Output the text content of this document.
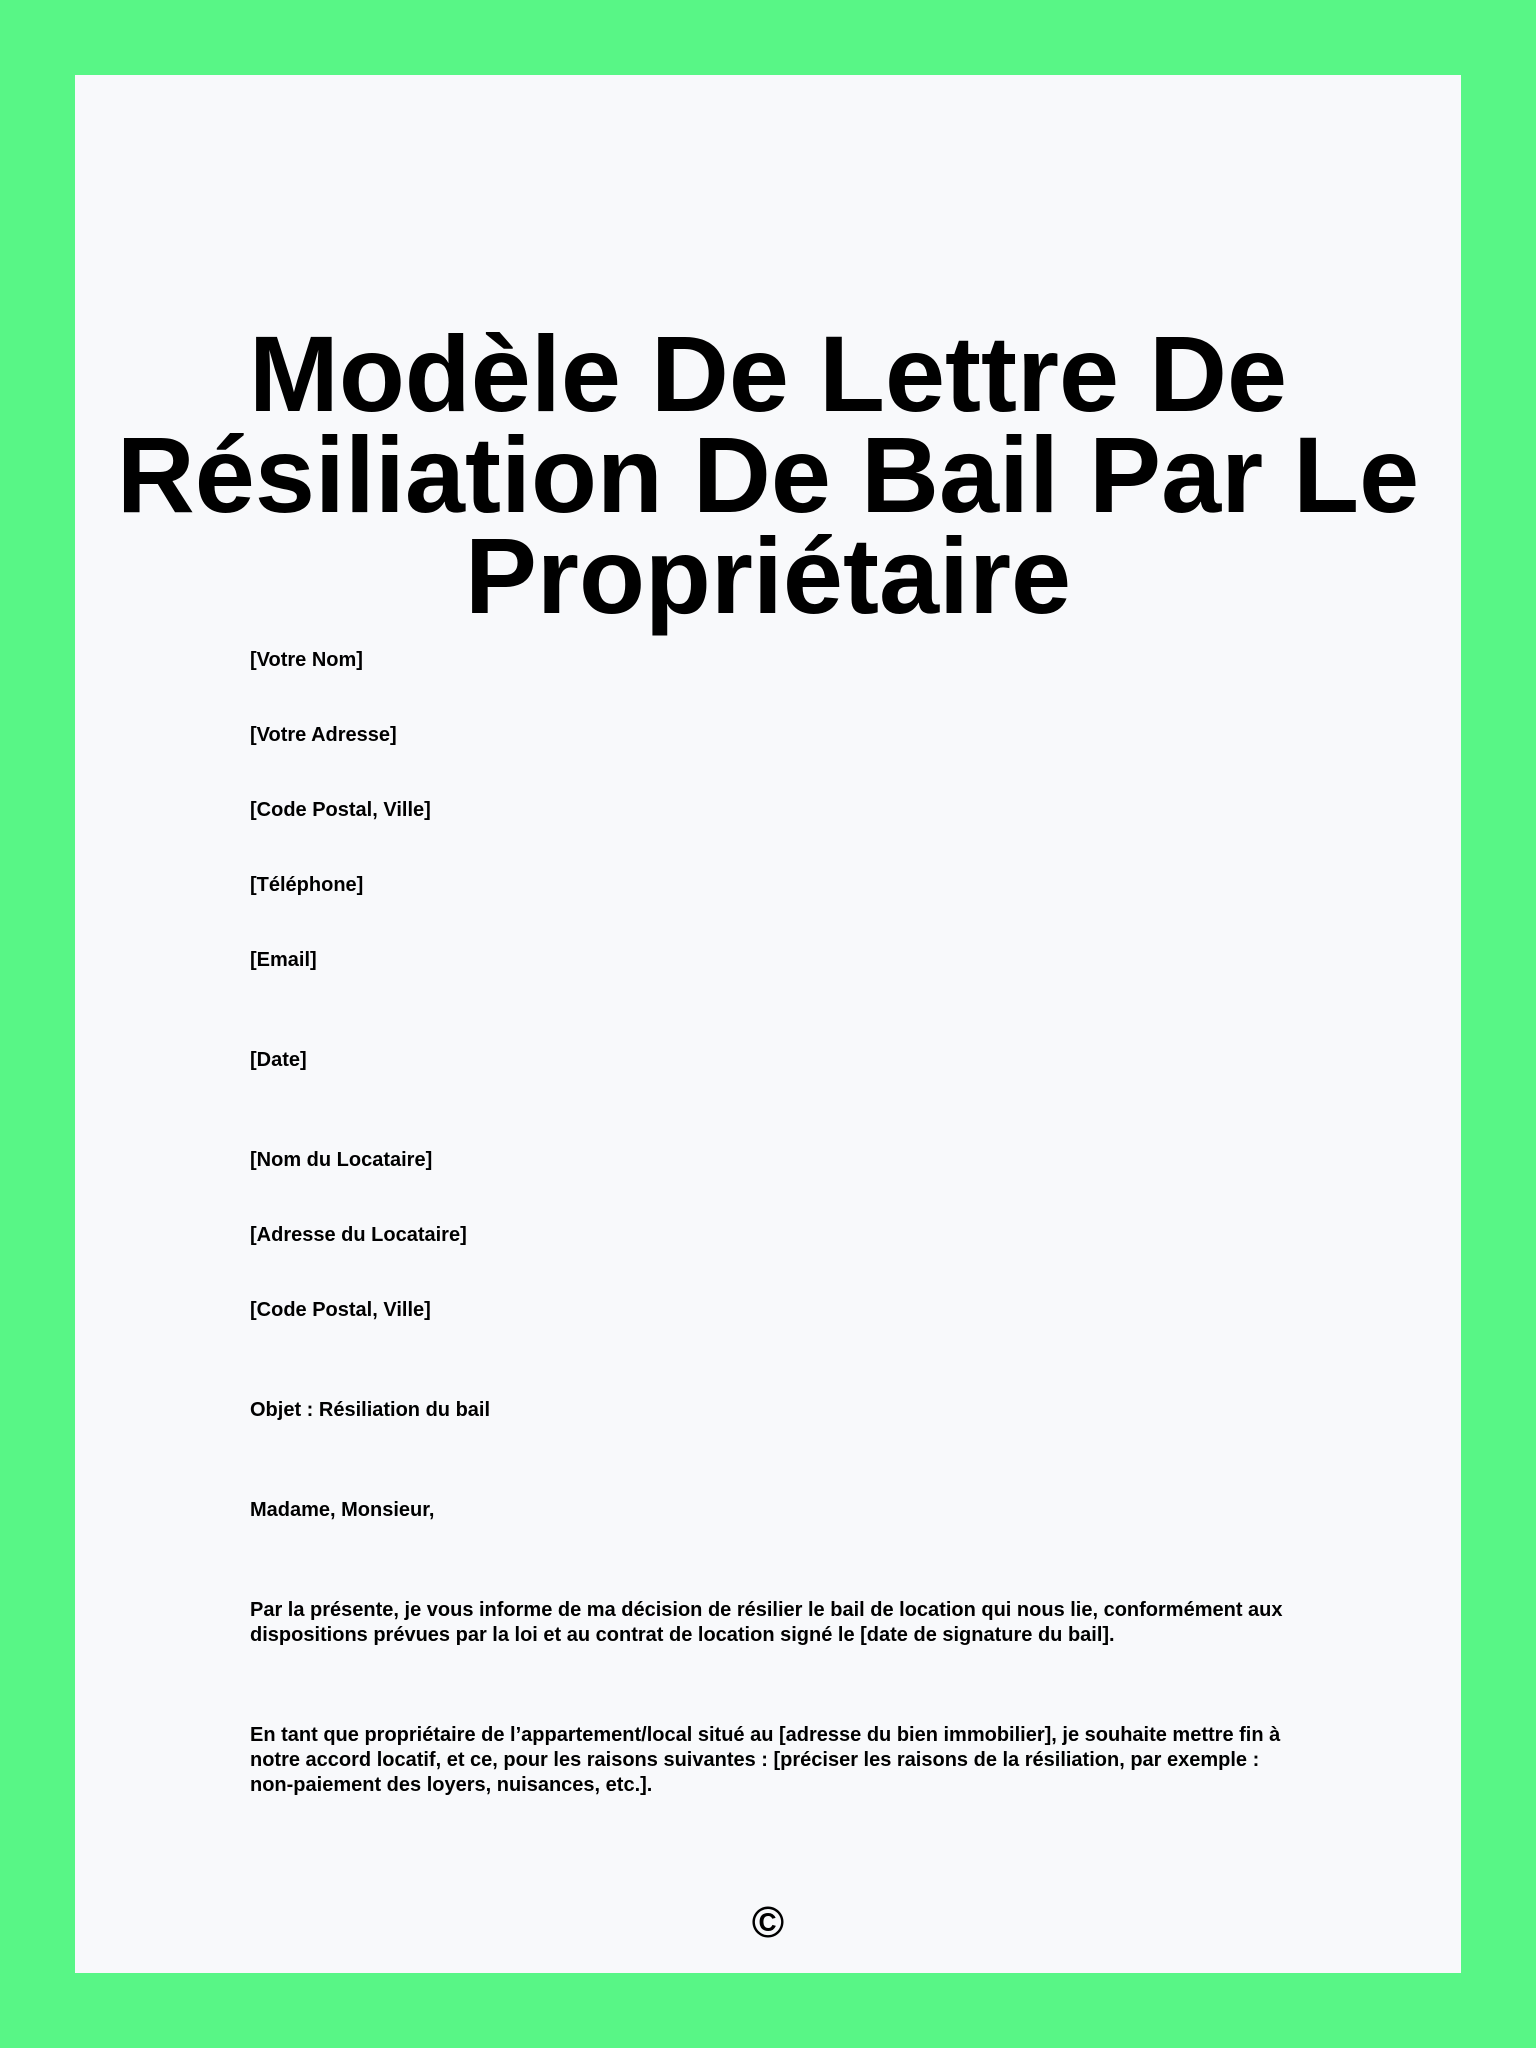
Modèle De Lettre De Résiliation De Bail Par Le Propriétaire

[Votre Nom]

[Votre Adresse]

[Code Postal, Ville]

[Téléphone]

[Email]

[Date]

[Nom du Locataire]

[Adresse du Locataire]

[Code Postal, Ville]

Objet : Résiliation du bail

Madame, Monsieur,

Par la présente, je vous informe de ma décision de résilier le bail de location qui nous lie, conformément aux dispositions prévues par la loi et au contrat de location signé le [date de signature du bail].

En tant que propriétaire de l’appartement/local situé au [adresse du bien immobilier], je souhaite mettre fin à notre accord locatif, et ce, pour les raisons suivantes : [préciser les raisons de la résiliation, par exemple : non-paiement des loyers, nuisances, etc.].

©
